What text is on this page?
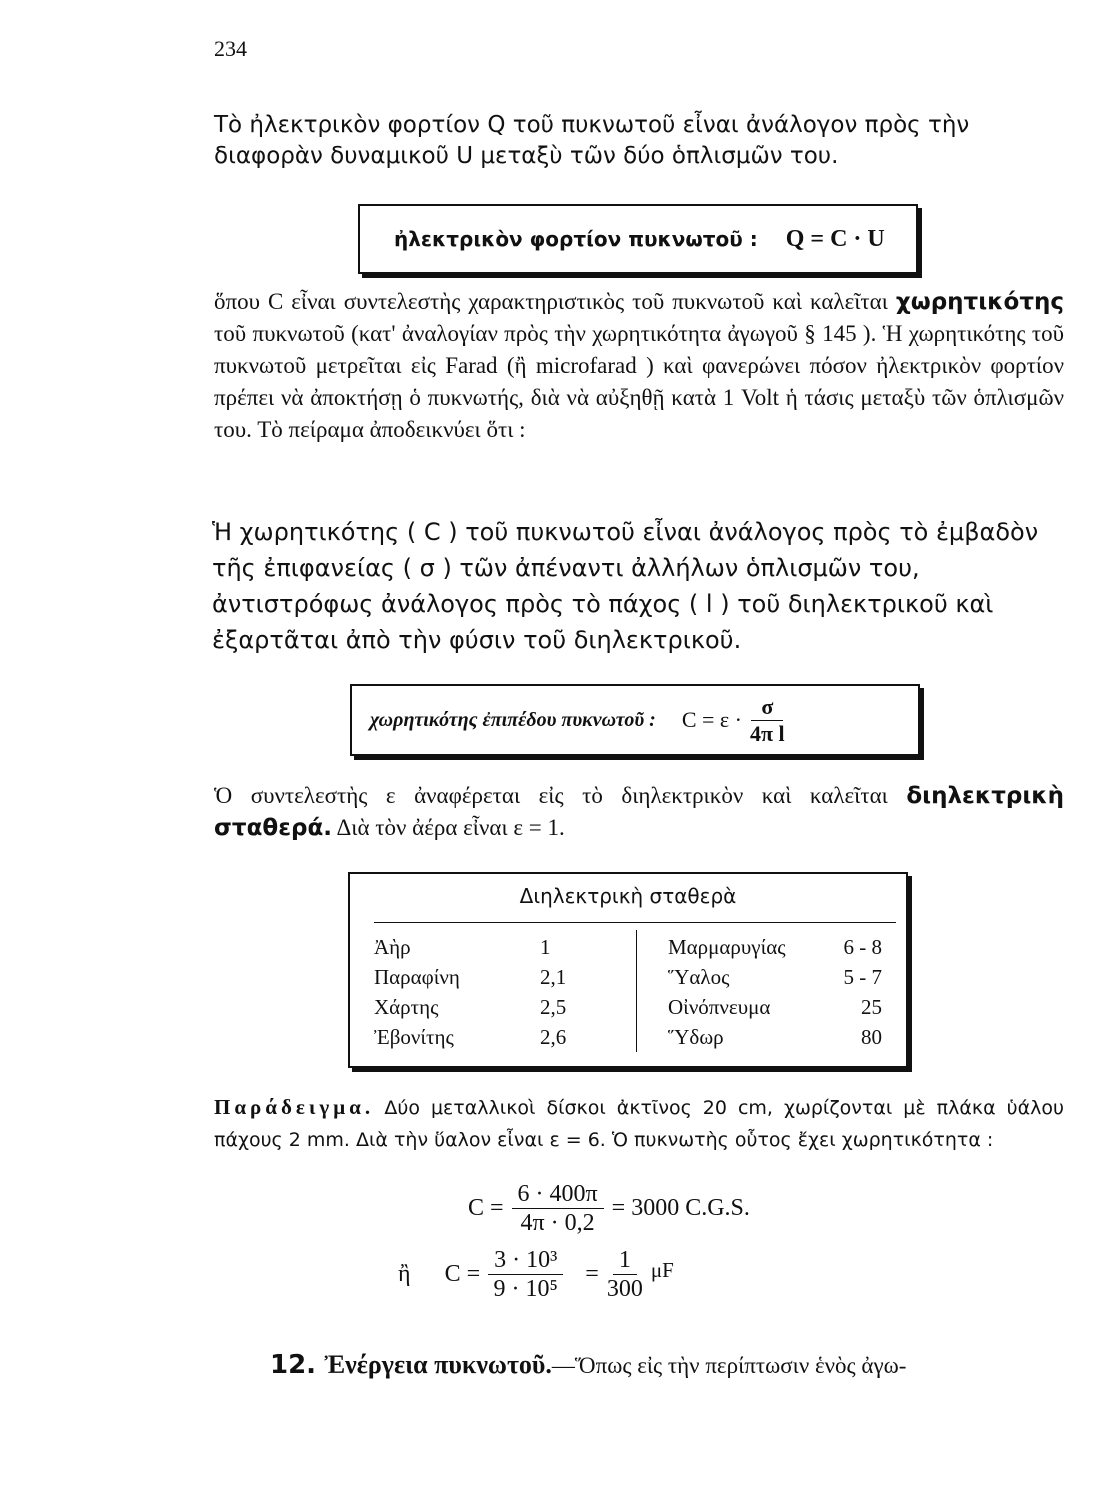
234
Τὸ ἠλεκτρικὸν φορτίον Q τοῦ πυκνωτοῦ εἶναι ἀνάλογον πρὸς τὴν διαφορὰν δυναμικοῦ U μεταξὺ τῶν δύο ὁπλισμῶν του.
ἠλεκτρικὸν φορτίον πυκνωτοῦ : Q = C · U
ὅπου C εἶναι συντελεστὴς χαρακτηριστικὸς τοῦ πυκνωτοῦ καὶ καλεῖται χωρητικότης τοῦ πυκνωτοῦ (κατ' ἀναλογίαν πρὸς τὴν χωρητικότητα ἀγωγοῦ § 145 ). Ἡ χωρητικότης τοῦ πυκνωτοῦ μετρεῖται εἰς Farad (ἢ microfarad ) καὶ φανερώνει πόσον ἠλεκτρικὸν φορτίον πρέπει νὰ ἀποκτήσῃ ὁ πυκνωτής, διὰ νὰ αὐξηθῇ κατὰ 1 Volt ἡ τάσις μεταξὺ τῶν ὁπλισμῶν του. Τὸ πείραμα ἀποδεικνύει ὅτι :
Ἡ χωρητικότης ( C ) τοῦ πυκνωτοῦ εἶναι ἀνάλογος πρὸς τὸ ἐμβαδὸν τῆς ἐπιφανείας ( σ ) τῶν ἀπέναντι ἀλλήλων ὁπλισμῶν του, ἀντιστρόφως ἀνάλογος πρὸς τὸ πάχος ( l ) τοῦ διηλεκτρικοῦ καὶ ἐξαρτᾶται ἀπὸ τὴν φύσιν τοῦ διηλεκτρικοῦ.
χωρητικότης ἐπιπέδου πυκνωτοῦ : $C = \varepsilon \cdot \frac{\sigma}{\text{4π l}}$
Ὁ συντελεστὴς ε ἀναφέρεται εἰς τὸ διηλεκτρικὸν καὶ καλεῖται διηλεκτρικὴ σταθερά. Διὰ τὸν ἀέρα εἶναι ε = 1.
Διηλεκτρικὴ σταθερὰ
Ἀὴρ
Παραφίνη
Χάρτης
Ἐβονίτης
1
2,1
2,5
2,6
Μαρμαρυγίας
Ὕαλος
Οἰνόπνευμα
Ὕδωρ
6 - 8
5 - 7
25
80
Παράδειγμα. Δύο μεταλλικοὶ δίσκοι ἀκτῖνος 20 cm, χωρίζονται μὲ πλάκα ὑάλου πάχους 2 mm. Διὰ τὴν ὕαλον εἶναι ε = 6. Ὁ πυκνωτὴς οὗτος ἔχει χωρητικότητα :
$C = \frac{6 \cdot 400\pi}{4\pi \cdot 0,2} = 3000$ C.G.S.
ἢ $C = \frac{\text{3 · 10³}}{\text{9 · 10⁵}} = \frac{1}{300}$ μF
12. Ἐνέργεια πυκνωτοῦ.—Ὅπως εἰς τὴν περίπτωσιν ἑνὸς ἀγω-
